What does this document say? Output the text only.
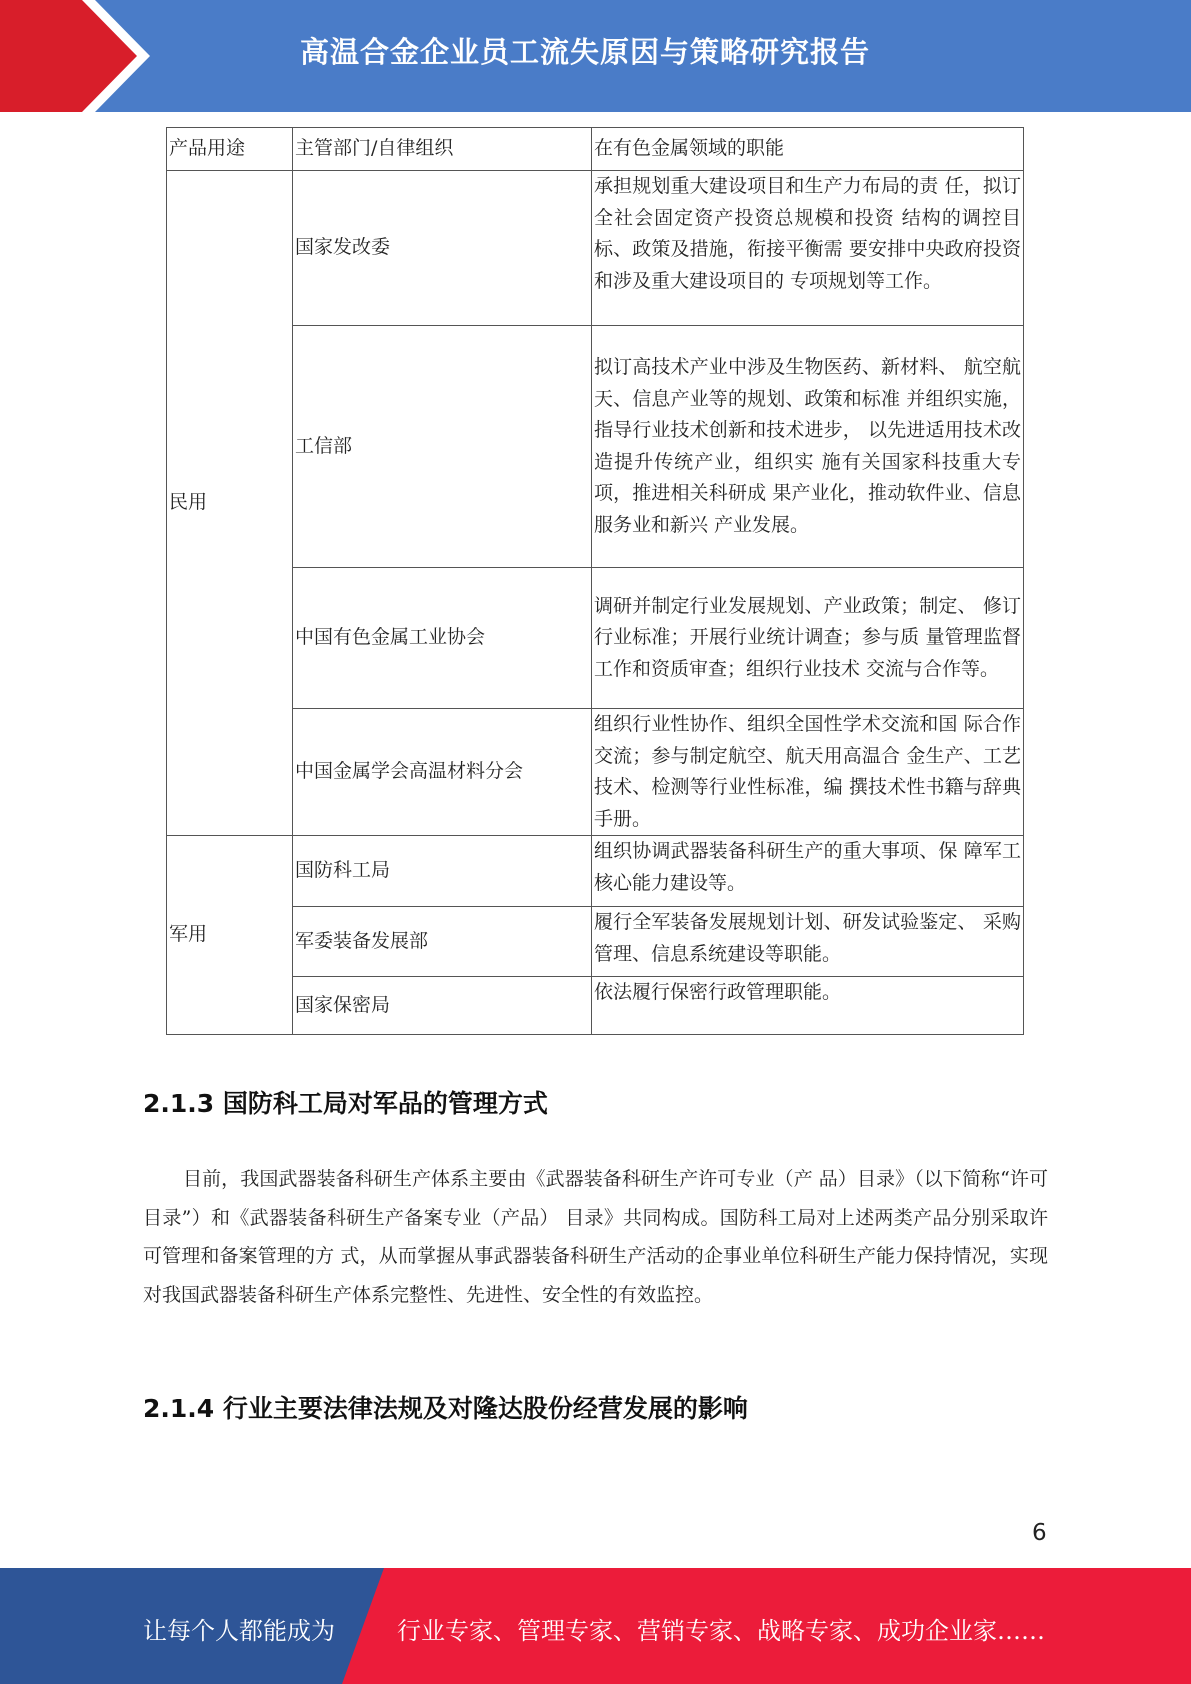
高温合金企业员工流失原因与策略研究报告
产品用途	主管部门/自律组织	在有色金属领域的职能
民用	国家发改委	承担规划重大建设项目和生产力布局的责 任，拟订全社会固定资产投资总规模和投资 结构的调控目标、政策及措施，衔接平衡需 要安排中央政府投资和涉及重大建设项目的 专项规划等工作。
	工信部	拟订高技术产业中涉及生物医药、新材料、 航空航天、信息产业等的规划、政策和标准 并组织实施，指导行业技术创新和技术进步， 以先进适用技术改造提升传统产业，组织实 施有关国家科技重大专项，推进相关科研成 果产业化，推动软件业、信息服务业和新兴 产业发展。
	中国有色金属工业协会	调研并制定行业发展规划、产业政策；制定、 修订行业标准；开展行业统计调查；参与质 量管理监督工作和资质审查；组织行业技术 交流与合作等。
	中国金属学会高温材料分会	组织行业性协作、组织全国性学术交流和国 际合作交流；参与制定航空、航天用高温合 金生产、工艺技术、检测等行业性标准，编 撰技术性书籍与辞典手册。
军用	国防科工局	组织协调武器装备科研生产的重大事项、保 障军工核心能力建设等。
	军委装备发展部	履行全军装备发展规划计划、研发试验鉴定、 采购管理、信息系统建设等职能。
	国家保密局	依法履行保密行政管理职能。
2.1.3 国防科工局对军品的管理方式
目前，我国武器装备科研生产体系主要由《武器装备科研生产许可专业（产 品）目录》（以下简称“许可目录”）和《武器装备科研生产备案专业（产品） 目录》共同构成。国防科工局对上述两类产品分别采取许可管理和备案管理的方 式，从而掌握从事武器装备科研生产活动的企事业单位科研生产能力保持情况，实现对我国武器装备科研生产体系完整性、先进性、安全性的有效监控。
2.1.4 行业主要法律法规及对隆达股份经营发展的影响
6
让每个人都能成为	行业专家、管理专家、营销专家、战略专家、成功企业家……
